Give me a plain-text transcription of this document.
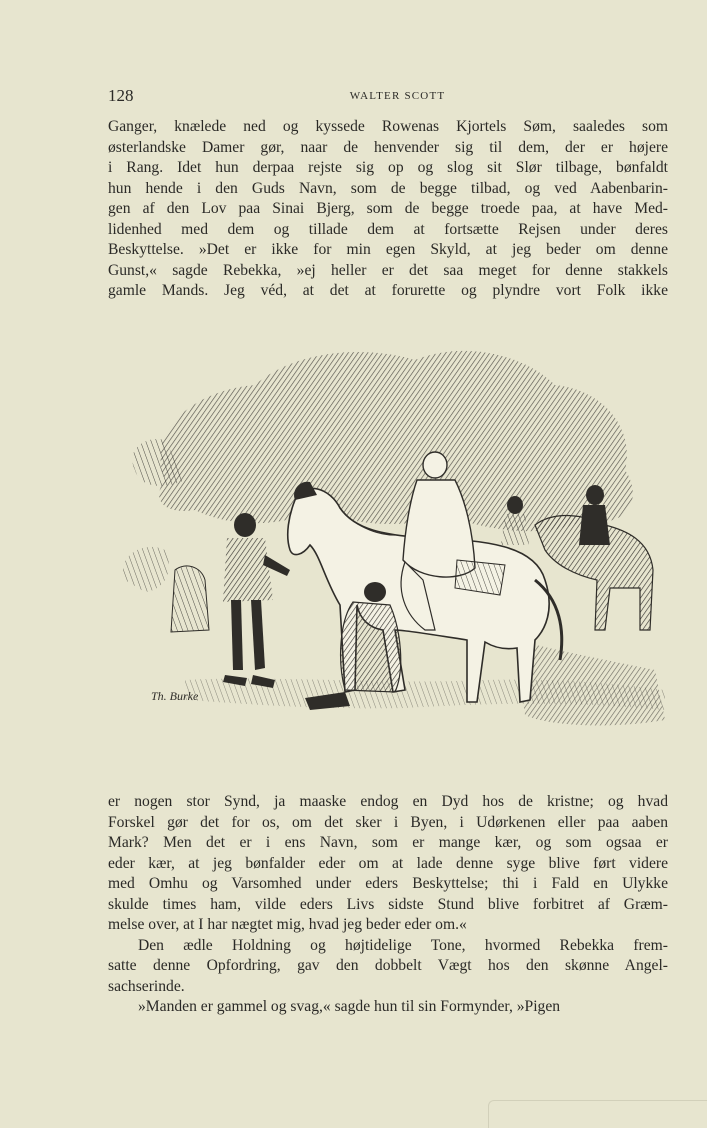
128	WALTER SCOTT
Ganger, knælede ned og kyssede Rowenas Kjortels Søm, saaledes som
østerlandske Damer gør, naar de henvender sig til dem, der er højere
i Rang. Idet hun derpaa rejste sig op og slog sit Slør tilbage, bønfaldt
hun hende i den Guds Navn, som de begge tilbad, og ved Aabenbarin-
gen af den Lov paa Sinai Bjerg, som de begge troede paa, at have Med-
lidenhed med dem og tillade dem at fortsætte Rejsen under deres
Beskyttelse. »Det er ikke for min egen Skyld, at jeg beder om denne
Gunst,« sagde Rebekka, »ej heller er det saa meget for denne stakkels
gamle Mands. Jeg véd, at det at forurette og plyndre vort Folk ikke
Th. Burke
er nogen stor Synd, ja maaske endog en Dyd hos de kristne; og hvad
Forskel gør det for os, om det sker i Byen, i Udørkenen eller paa aaben
Mark? Men det er i ens Navn, som er mange kær, og som ogsaa er
eder kær, at jeg bønfalder eder om at lade denne syge blive ført videre
med Omhu og Varsomhed under eders Beskyttelse; thi i Fald en Ulykke
skulde times ham, vilde eders Livs sidste Stund blive forbitret af Græm-
melse over, at I har nægtet mig, hvad jeg beder eder om.«
Den ædle Holdning og højtidelige Tone, hvormed Rebekka frem-
satte denne Opfordring, gav den dobbelt Vægt hos den skønne Angel-
sachserinde.
»Manden er gammel og svag,« sagde hun til sin Formynder, »Pigen
